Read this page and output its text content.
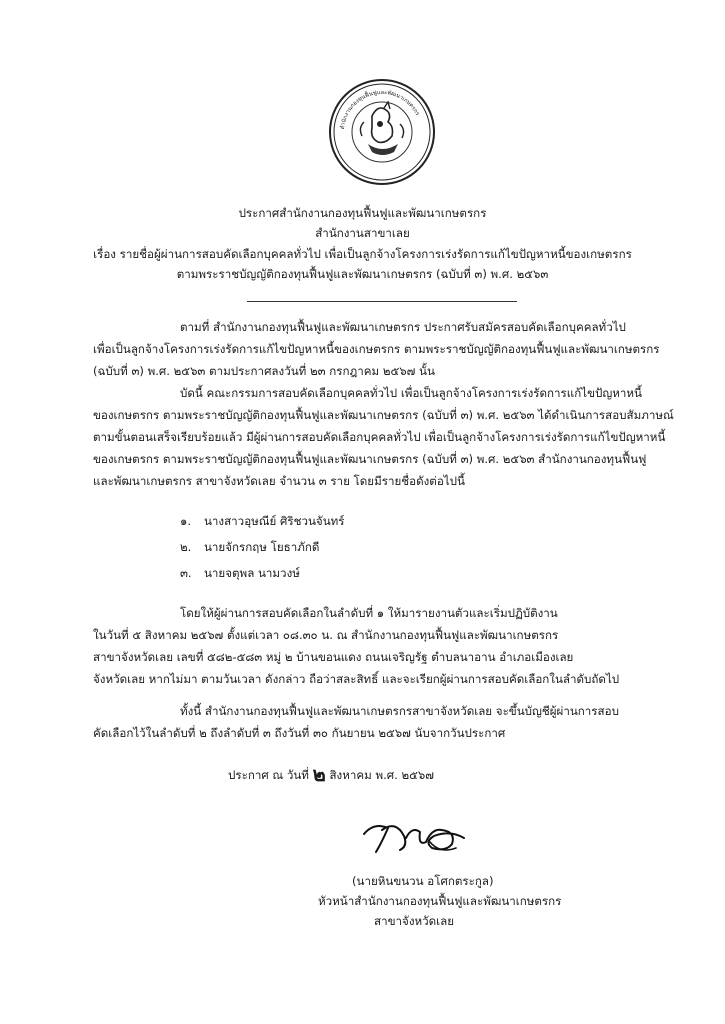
สำนักงานกองทุนฟื้นฟูและพัฒนาเกษตรกร
ประกาศสำนักงานกองทุนฟื้นฟูและพัฒนาเกษตรกร
สำนักงานสาขาเลย
เรื่อง รายชื่อผู้ผ่านการสอบคัดเลือกบุคคลทั่วไป เพื่อเป็นลูกจ้างโครงการเร่งรัดการแก้ไขปัญหาหนี้ของเกษตรกร
ตามพระราชบัญญัติกองทุนฟื้นฟูและพัฒนาเกษตรกร (ฉบับที่ ๓) พ.ศ. ๒๕๖๓
ตามที่ สำนักงานกองทุนฟื้นฟูและพัฒนาเกษตรกร ประกาศรับสมัครสอบคัดเลือกบุคคลทั่วไป
เพื่อเป็นลูกจ้างโครงการเร่งรัดการแก้ไขปัญหาหนี้ของเกษตรกร ตามพระราชบัญญัติกองทุนฟื้นฟูและพัฒนาเกษตรกร
(ฉบับที่ ๓) พ.ศ. ๒๕๖๓ ตามประกาศลงวันที่ ๒๓ กรกฎาคม ๒๕๖๗ นั้น
บัดนี้ คณะกรรมการสอบคัดเลือกบุคคลทั่วไป เพื่อเป็นลูกจ้างโครงการเร่งรัดการแก้ไขปัญหาหนี้
ของเกษตรกร ตามพระราชบัญญัติกองทุนฟื้นฟูและพัฒนาเกษตรกร (ฉบับที่ ๓) พ.ศ. ๒๕๖๓ ได้ดำเนินการสอบสัมภาษณ์
ตามขั้นตอนเสร็จเรียบร้อยแล้ว มีผู้ผ่านการสอบคัดเลือกบุคคลทั่วไป เพื่อเป็นลูกจ้างโครงการเร่งรัดการแก้ไขปัญหาหนี้
ของเกษตรกร ตามพระราชบัญญัติกองทุนฟื้นฟูและพัฒนาเกษตรกร (ฉบับที่ ๓) พ.ศ. ๒๕๖๓ สำนักงานกองทุนฟื้นฟู
และพัฒนาเกษตรกร สาขาจังหวัดเลย จำนวน ๓ ราย โดยมีรายชื่อดังต่อไปนี้
๑. นางสาวอุษณีย์ ศิริชวนจันทร์
๒. นายจักรกฤษ โยธาภักดี
๓. นายจตุพล นามวงษ์
โดยให้ผู้ผ่านการสอบคัดเลือกในลำดับที่ ๑ ให้มารายงานตัวและเริ่มปฏิบัติงาน
ในวันที่ ๕ สิงหาคม ๒๕๖๗ ตั้งแต่เวลา ๐๘.๓๐ น. ณ สำนักงานกองทุนฟื้นฟูและพัฒนาเกษตรกร
สาขาจังหวัดเลย เลขที่ ๕๘๒-๕๘๓ หมู่ ๒ บ้านขอนแดง ถนนเจริญรัฐ ตำบลนาอาน อำเภอเมืองเลย
จังหวัดเลย หากไม่มา ตามวันเวลา ดังกล่าว ถือว่าสละสิทธิ์ และจะเรียกผู้ผ่านการสอบคัดเลือกในลำดับถัดไป
ทั้งนี้ สำนักงานกองทุนฟื้นฟูและพัฒนาเกษตรกรสาขาจังหวัดเลย จะขึ้นบัญชีผู้ผ่านการสอบ
คัดเลือกไว้ในลำดับที่ ๒ ถึงลำดับที่ ๓ ถึงวันที่ ๓๐ กันยายน ๒๕๖๗ นับจากวันประกาศ
ประกาศ ณ วันที่ ๒ สิงหาคม พ.ศ. ๒๕๖๗
(นายหินขนวน อโศกตระกูล)
หัวหน้าสำนักงานกองทุนฟื้นฟูและพัฒนาเกษตรกร
สาขาจังหวัดเลย
